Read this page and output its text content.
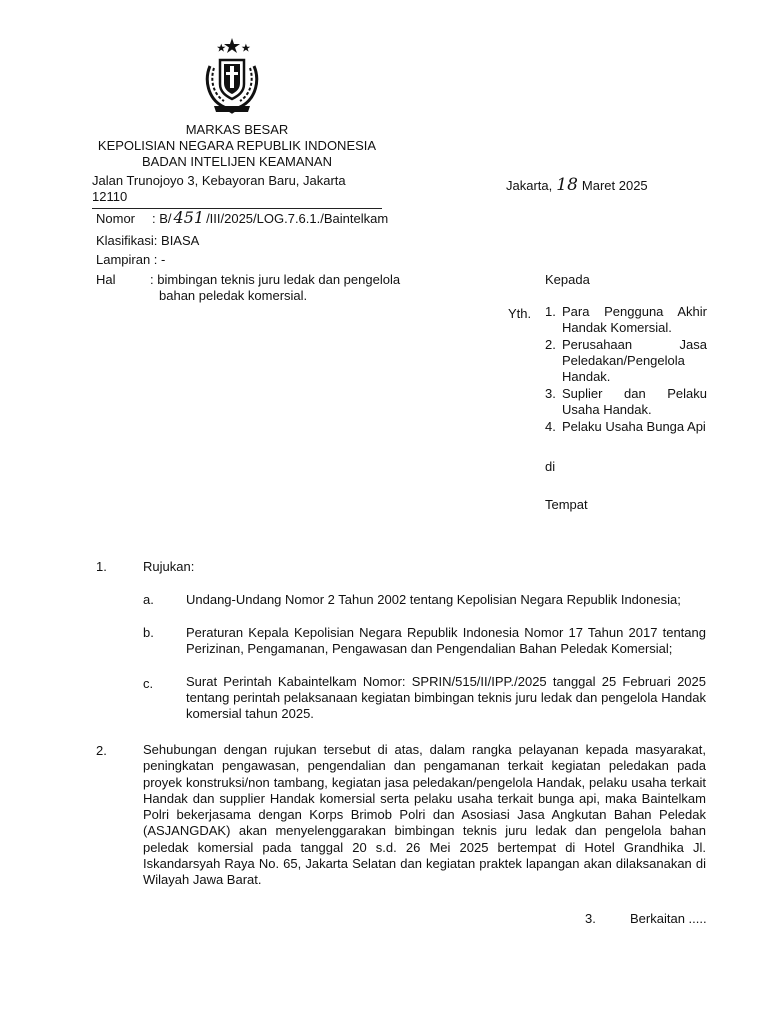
MARKAS BESAR
KEPOLISIAN NEGARA REPUBLIK INDONESIA
BADAN INTELIJEN KEAMANAN
Jalan Trunojoyo 3, Kebayoran Baru, Jakarta 12110
Jakarta, 18 Maret 2025
Nomor : B/ 451 /III/2025/LOG.7.6.1./Baintelkam
Klasifikasi: BIASA
Lampiran : -
Hal	: bimbingan teknis juru ledak dan pengelola
bahan peledak komersial.
Kepada
Yth. 1. Para Pengguna Akhir Handak Komersial.
2. Perusahaan Jasa Peledakan/Pengelola Handak.
3. Suplier dan Pelaku Usaha Handak.
4. Pelaku Usaha Bunga Api
di
Tempat
1.	Rujukan:
a. Undang-Undang Nomor 2 Tahun 2002 tentang Kepolisian Negara Republik Indonesia;
b. Peraturan Kepala Kepolisian Negara Republik Indonesia Nomor 17 Tahun 2017 tentang Perizinan, Pengamanan, Pengawasan dan Pengendalian Bahan Peledak Komersial;
c.	Surat Perintah Kabaintelkam Nomor: SPRIN/515/II/IPP./2025 tanggal 25 Februari 2025 tentang perintah pelaksanaan kegiatan bimbingan teknis juru ledak dan pengelola Handak komersial tahun 2025.
2.	Sehubungan dengan rujukan tersebut di atas, dalam rangka pelayanan kepada masyarakat, peningkatan pengawasan, pengendalian dan pengamanan terkait kegiatan peledakan pada proyek konstruksi/non tambang, kegiatan jasa peledakan/pengelola Handak, pelaku usaha terkait Handak dan supplier Handak komersial serta pelaku usaha terkait bunga api, maka Baintelkam Polri bekerjasama dengan Korps Brimob Polri dan Asosiasi Jasa Angkutan Bahan Peledak (ASJANGDAK) akan menyelenggarakan bimbingan teknis juru ledak dan pengelola bahan peledak komersial pada tanggal 20 s.d. 26 Mei 2025 bertempat di Hotel Grandhika Jl. Iskandarsyah Raya No. 65, Jakarta Selatan dan kegiatan praktek lapangan akan dilaksanakan di Wilayah Jawa Barat.
3.	Berkaitan .....
